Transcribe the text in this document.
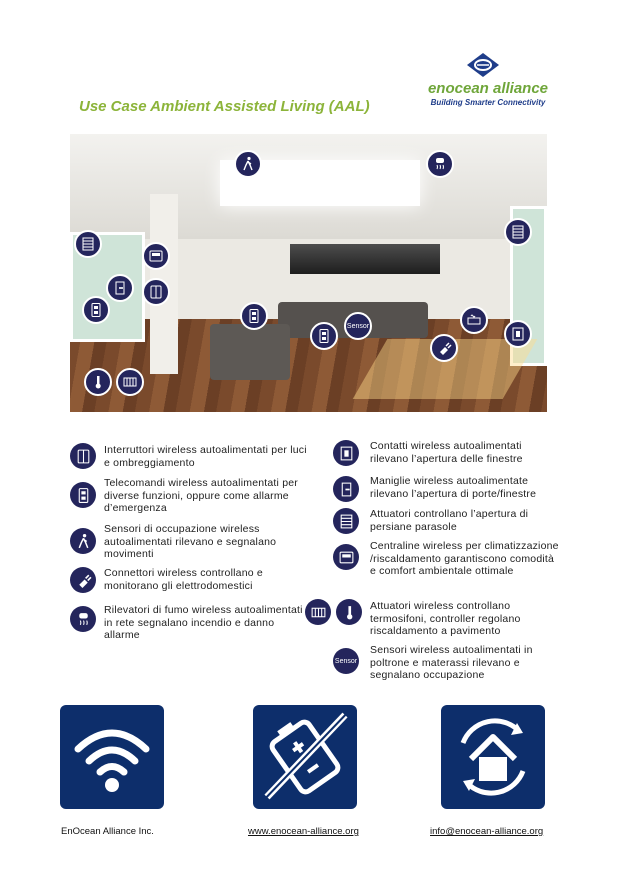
enocean alliance
Building Smarter Connectivity
Use Case Ambient Assisted Living (AAL)
Sensor
Interruttori wireless autoalimentati per luci e ombreggiamento
Telecomandi wireless autoalimentati per diverse funzioni, oppure come allarme d’emergenza
Sensori di occupazione wireless autoalimentati rilevano e segnalano movimenti
Connettori wireless controllano e monitorano gli elettrodomestici
Rilevatori di fumo wireless autoalimentati in rete segnalano incendio e danno allarme
Contatti wireless autoalimentati rilevano l’apertura delle finestre
Maniglie wireless autoalimentate rilevano l’apertura di porte/finestre
Attuatori controllano l’apertura di persiane parasole
Centraline wireless per climatizzazione /riscaldamento garantiscono comodità e comfort ambientale ottimale
Attuatori wireless controllano termosifoni, controller regolano riscaldamento a pavimento
Sensor
Sensori wireless autoalimentati in poltrone e materassi rilevano e segnalano occupazione
EnOcean Alliance Inc.	www.enocean-alliance.org	info@enocean-alliance.org
